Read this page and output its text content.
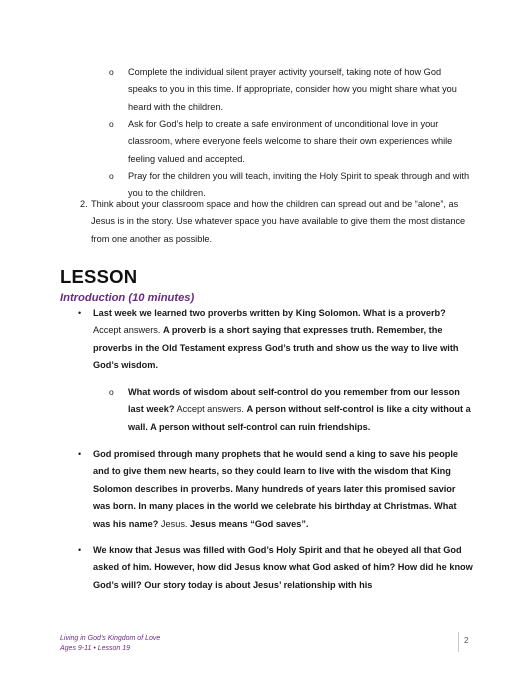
o	Complete the individual silent prayer activity yourself, taking note of how God speaks to you in this time. If appropriate, consider how you might share what you heard with the children.
o	Ask for God’s help to create a safe environment of unconditional love in your classroom, where everyone feels welcome to share their own experiences while feeling valued and accepted.
o	Pray for the children you will teach, inviting the Holy Spirit to speak through and with you to the children.
2. Think about your classroom space and how the children can spread out and be “alone”, as Jesus is in the story. Use whatever space you have available to give them the most distance from one another as possible.
LESSON
Introduction (10 minutes)
•	Last week we learned two proverbs written by King Solomon. What is a proverb? Accept answers. A proverb is a short saying that expresses truth. Remember, the proverbs in the Old Testament express God’s truth and show us the way to live with God’s wisdom.
o	What words of wisdom about self-control do you remember from our lesson last week? Accept answers. A person without self-control is like a city without a wall. A person without self-control can ruin friendships.
•	God promised through many prophets that he would send a king to save his people and to give them new hearts, so they could learn to live with the wisdom that King Solomon describes in proverbs. Many hundreds of years later this promised savior was born. In many places in the world we celebrate his birthday at Christmas. What was his name? Jesus. Jesus means “God saves”.
•	We know that Jesus was filled with God’s Holy Spirit and that he obeyed all that God asked of him. However, how did Jesus know what God asked of him? How did he know God’s will? Our story today is about Jesus’ relationship with his
Living in God’s Kingdom of Love
Ages 9-11 • Lesson 19
2
